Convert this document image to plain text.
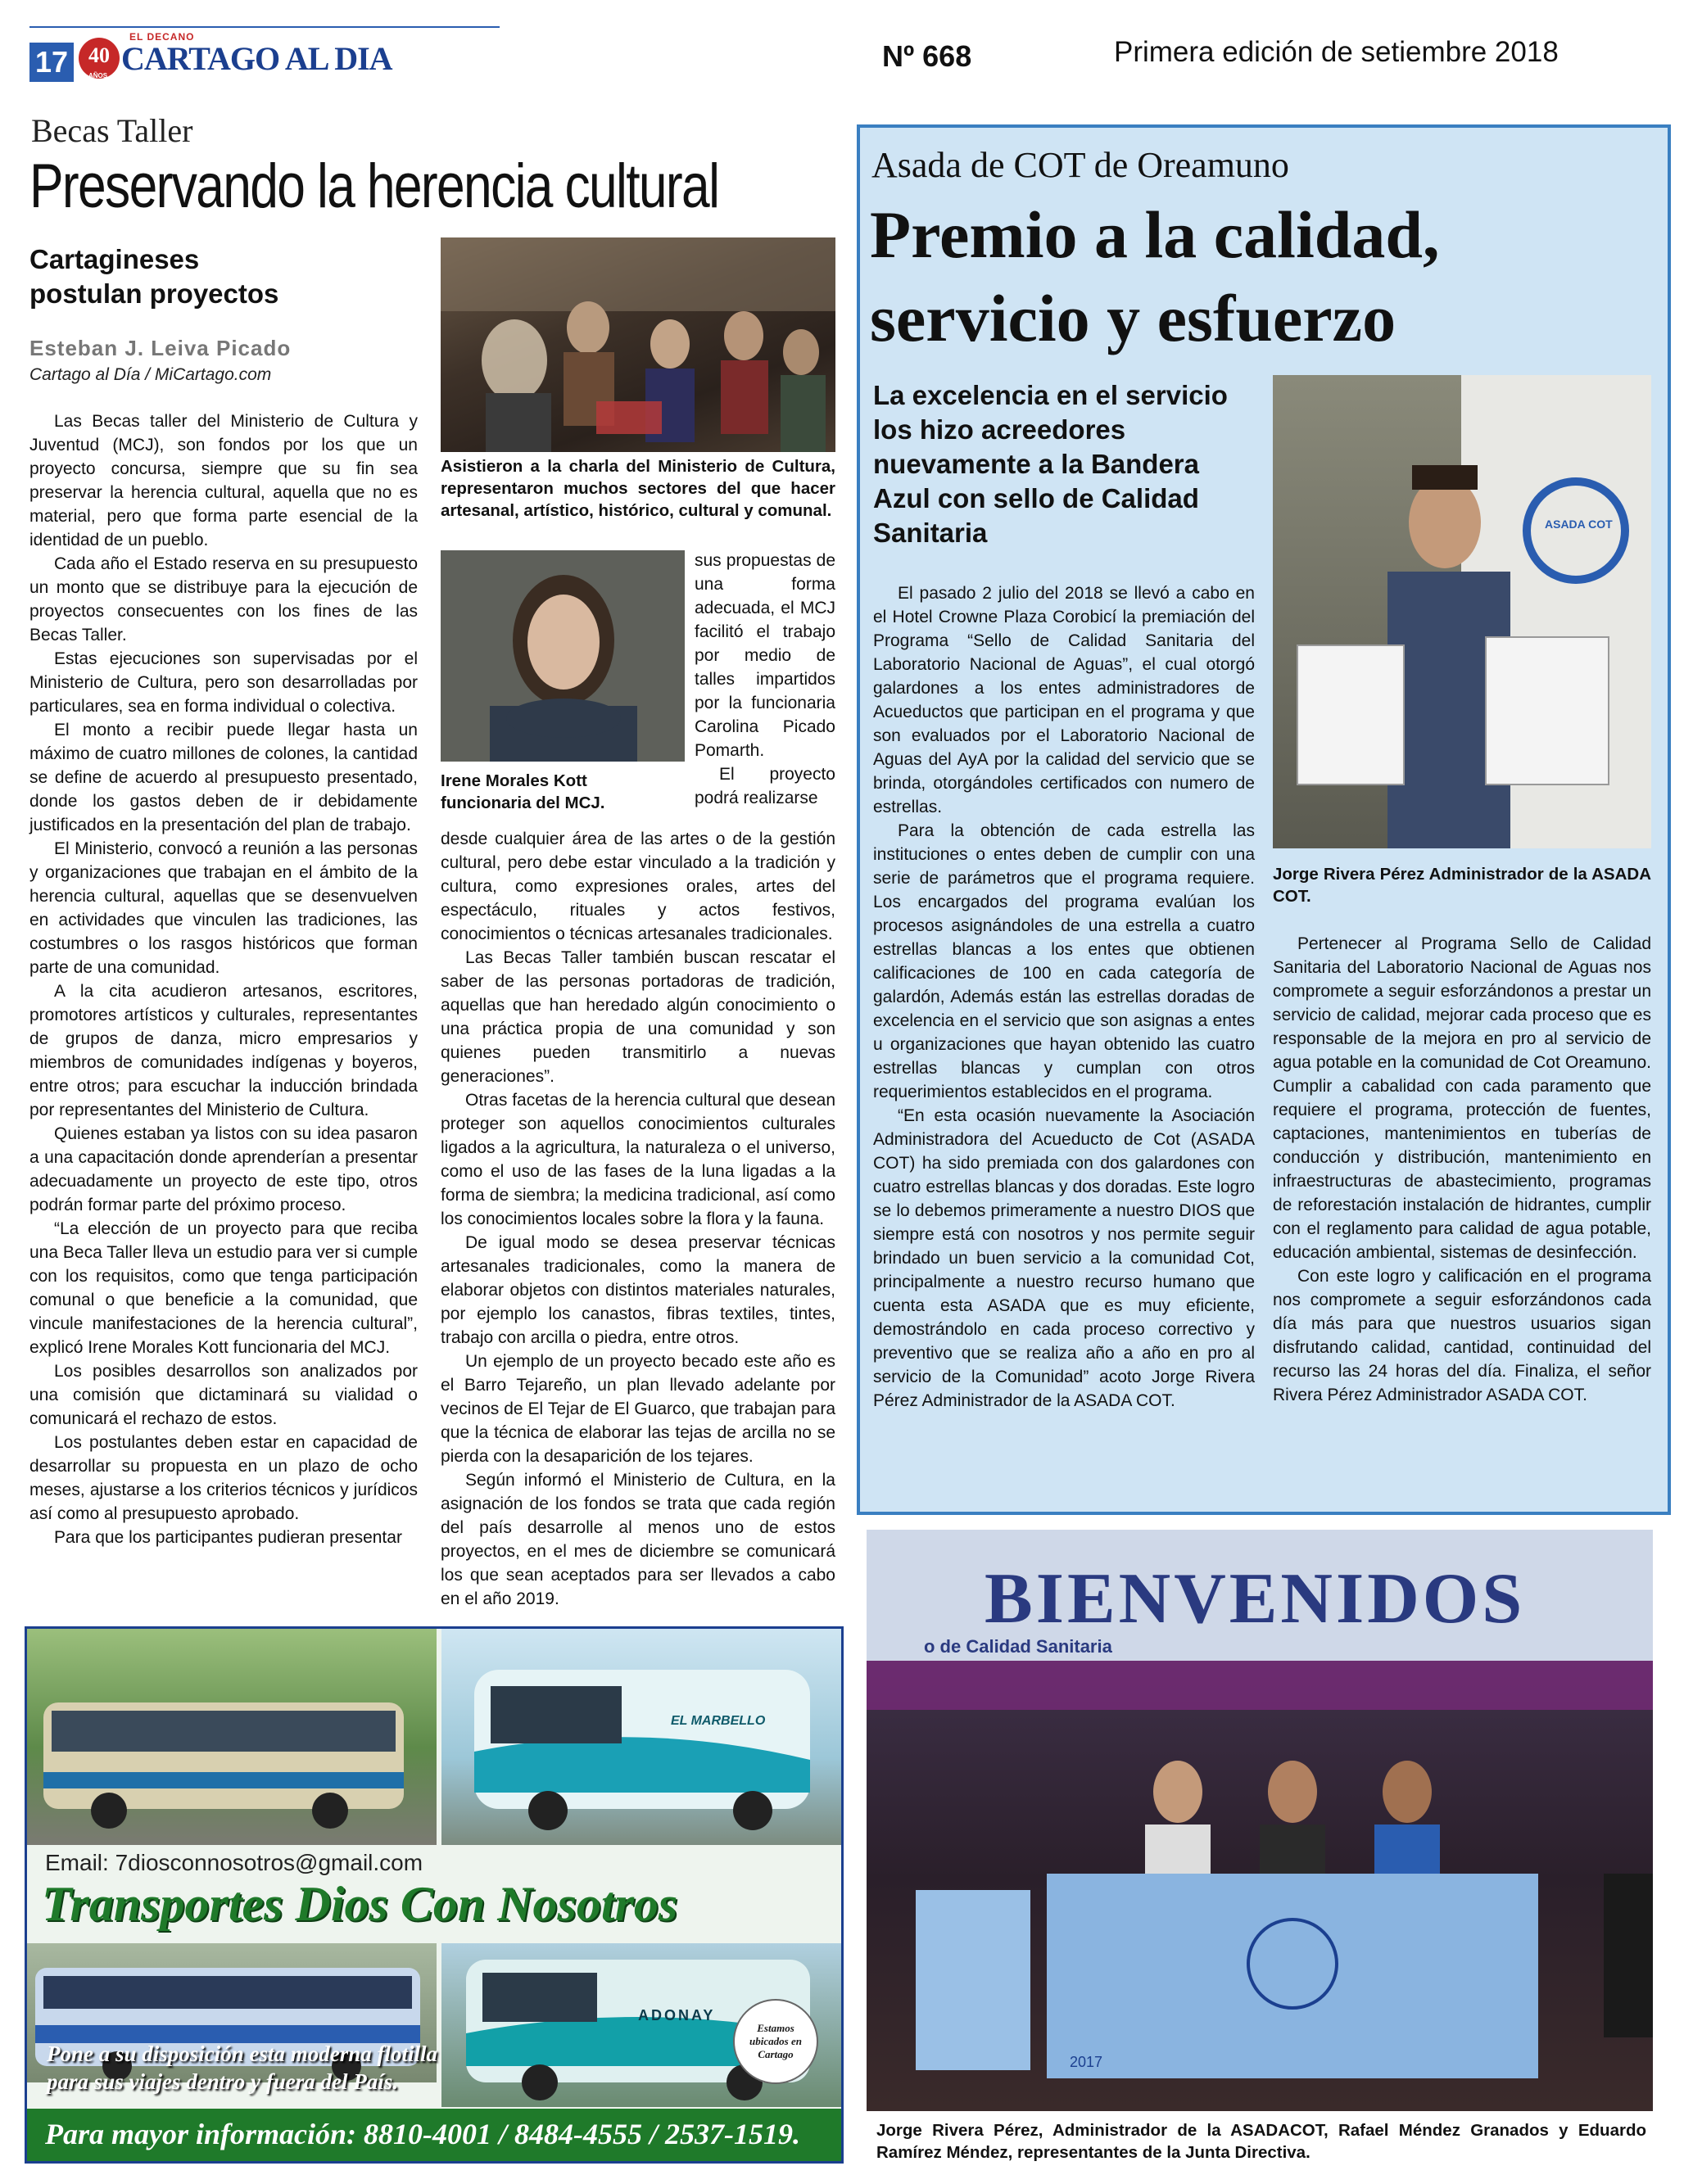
17 40
AÑOS
EL DECANO
CARTAGO AL DIA	Nº 668	Primera edición de setiembre 2018
Becas Taller
Preservando la herencia cultural
Cartagineses
postulan proyectos
Esteban J. Leiva Picado
Cartago al Día / MiCartago.com

Las Becas taller del Ministerio de Cultura y Juventud (MCJ), son fondos por los que un proyecto concursa, siempre que su fin sea preservar la herencia cultural, aquella que no es material, pero que forma parte esencial de la identidad de un pueblo.

Cada año el Estado reserva en su presupuesto un monto que se distribuye para la ejecución de proyectos consecuentes con los fines de las Becas Taller.

Estas ejecuciones son supervisadas por el Ministerio de Cultura, pero son desarrolladas por particulares, sea en forma individual o colectiva.

El monto a recibir puede llegar hasta un máximo de cuatro millones de colones, la cantidad se define de acuerdo al presupuesto presentado, donde los gastos deben de ir debidamente justificados en la presentación del plan de trabajo.

El Ministerio, convocó a reunión a las personas y organizaciones que trabajan en el ámbito de la herencia cultural, aquellas que se desenvuelven en actividades que vinculen las tradiciones, las costumbres o los rasgos históricos que forman parte de una comunidad.

A la cita acudieron artesanos, escritores, promotores artísticos y culturales, representantes de grupos de danza, micro empresarios y miembros de comunidades indígenas y boyeros, entre otros; para escuchar la inducción brindada por representantes del Ministerio de Cultura.

Quienes estaban ya listos con su idea pasaron a una capacitación donde aprenderían a presentar adecuadamente un proyecto de este tipo, otros podrán formar parte del próximo proceso.

“La elección de un proyecto para que reciba una Beca Taller lleva un estudio para ver si cumple con los requisitos, como que tenga participación comunal o que beneficie a la comunidad, que vincule manifestaciones de la herencia cultural”, explicó Irene Morales Kott funcionaria del MCJ.

Los posibles desarrollos son analizados por una comisión que dictaminará su vialidad o comunicará el rechazo de estos.

Los postulantes deben estar en capacidad de desarrollar su propuesta en un plazo de ocho meses, ajustarse a los criterios técnicos y jurídicos así como al presupuesto aprobado.

Para que los participantes pudieran presentar

Asistieron a la charla del Ministerio de Cultura, representaron muchos sectores del que hacer artesanal, artístico, histórico, cultural y comunal.
Irene Morales Kott funcionaria del MCJ.

sus propuestas de una forma adecuada, el MCJ facilitó el trabajo por medio de talles impartidos por la funcionaria Carolina Picado Pomarth.

El proyecto podrá realizarse

desde cualquier área de las artes o de la gestión cultural, pero debe estar vinculado a la tradición y cultura, como expresiones orales, artes del espectáculo, rituales y actos festivos, conocimientos o técnicas artesanales tradicionales.

Las Becas Taller también buscan rescatar el saber de las personas portadoras de tradición, aquellas que han heredado algún conocimiento o una práctica propia de una comunidad y son quienes pueden transmitirlo a nuevas generaciones”.

Otras facetas de la herencia cultural que desean proteger son aquellos conocimientos culturales ligados a la agricultura, la naturaleza o el universo, como el uso de las fases de la luna ligadas a la forma de siembra; la medicina tradicional, así como los conocimientos locales sobre la flora y la fauna.

De igual modo se desea preservar técnicas artesanales tradicionales, como la manera de elaborar objetos con distintos materiales naturales, por ejemplo los canastos, fibras textiles, tintes, trabajo con arcilla o piedra, entre otros.

Un ejemplo de un proyecto becado este año es el Barro Tejareño, un plan llevado adelante por vecinos de El Tejar de El Guarco, que trabajan para que la técnica de elaborar las tejas de arcilla no se pierda con la desaparición de los tejares.

Según informó el Ministerio de Cultura, en la asignación de los fondos se trata que cada región del país desarrolle al menos uno de estos proyectos, en el mes de diciembre se comunicará los que sean aceptados para ser llevados a cabo en el año 2019.

EL MARBELLO
Email: 7diosconnosotros@gmail.com
Transportes Dios Con Nosotros
ADONAY
Estamos ubicados en Cartago
Pone a su disposición esta moderna flotilla
para sus viajes dentro y fuera del País.
Para mayor información: 8810-4001 / 8484-4555 / 2537-1519.
Asada de COT de Oreamuno
Premio a la calidad,
servicio y esfuerzo
La excelencia en el servicio los hizo acreedores nuevamente a la Bandera Azul con sello de Calidad Sanitaria

El pasado 2 julio del 2018 se llevó a cabo en el Hotel Crowne Plaza Corobicí la premiación del Programa “Sello de Calidad Sanitaria del Laboratorio Nacional de Aguas”, el cual otorgó galardones a los entes administradores de Acueductos que participan en el programa y que son evaluados por el Laboratorio Nacional de Aguas del AyA por la calidad del servicio que se brinda, otorgándoles certificados con numero de estrellas.

Para la obtención de cada estrella las instituciones o entes deben de cumplir con una serie de parámetros que el programa requiere. Los encargados del programa evalúan los procesos asignándoles de una estrella a cuatro estrellas blancas a los entes que obtienen calificaciones de 100 en cada categoría de galardón, Además están las estrellas doradas de excelencia en el servicio que son asignas a entes u organizaciones que hayan obtenido las cuatro estrellas blancas y cumplan con otros requerimientos establecidos en el programa.

“En esta ocasión nuevamente la Asociación Administradora del Acueducto de Cot (ASADA COT) ha sido premiada con dos galardones con cuatro estrellas blancas y dos doradas. Este logro se lo debemos primeramente a nuestro DIOS que siempre está con nosotros y nos permite seguir brindado un buen servicio a la comunidad Cot, principalmente a nuestro recurso humano que cuenta esta ASADA que es muy eficiente, demostrándolo en cada proceso correctivo y preventivo que se realiza año a año en pro al servicio de la Comunidad” acoto Jorge Rivera Pérez Administrador de la ASADA COT.

ASADA COT
Jorge Rivera Pérez Administrador de la ASADA COT.

Pertenecer al Programa Sello de Calidad Sanitaria del Laboratorio Nacional de Aguas nos compromete a seguir esforzándonos a prestar un servicio de calidad, mejorar cada proceso que es responsable de la mejora en pro al servicio de agua potable en la comunidad de Cot Oreamuno. Cumplir a cabalidad con cada paramento que requiere el programa, protección de fuentes, captaciones, mantenimientos en tuberías de conducción y distribución, mantenimiento en infraestructuras de abastecimiento, programas de reforestación instalación de hidrantes, cumplir con el reglamento para calidad de agua potable, educación ambiental, sistemas de desinfección.

Con este logro y calificación en el programa nos compromete a seguir esforzándonos cada día más para que nuestros usuarios sigan disfrutando calidad, cantidad, continuidad del recurso las 24 horas del día. Finaliza, el señor Rivera Pérez Administrador ASADA COT.

BIENVENIDOS
o de Calidad Sanitaria
2017
Jorge Rivera Pérez, Administrador de la ASADACOT, Rafael Méndez Granados y Eduardo Ramírez Méndez, representantes de la Junta Directiva.
